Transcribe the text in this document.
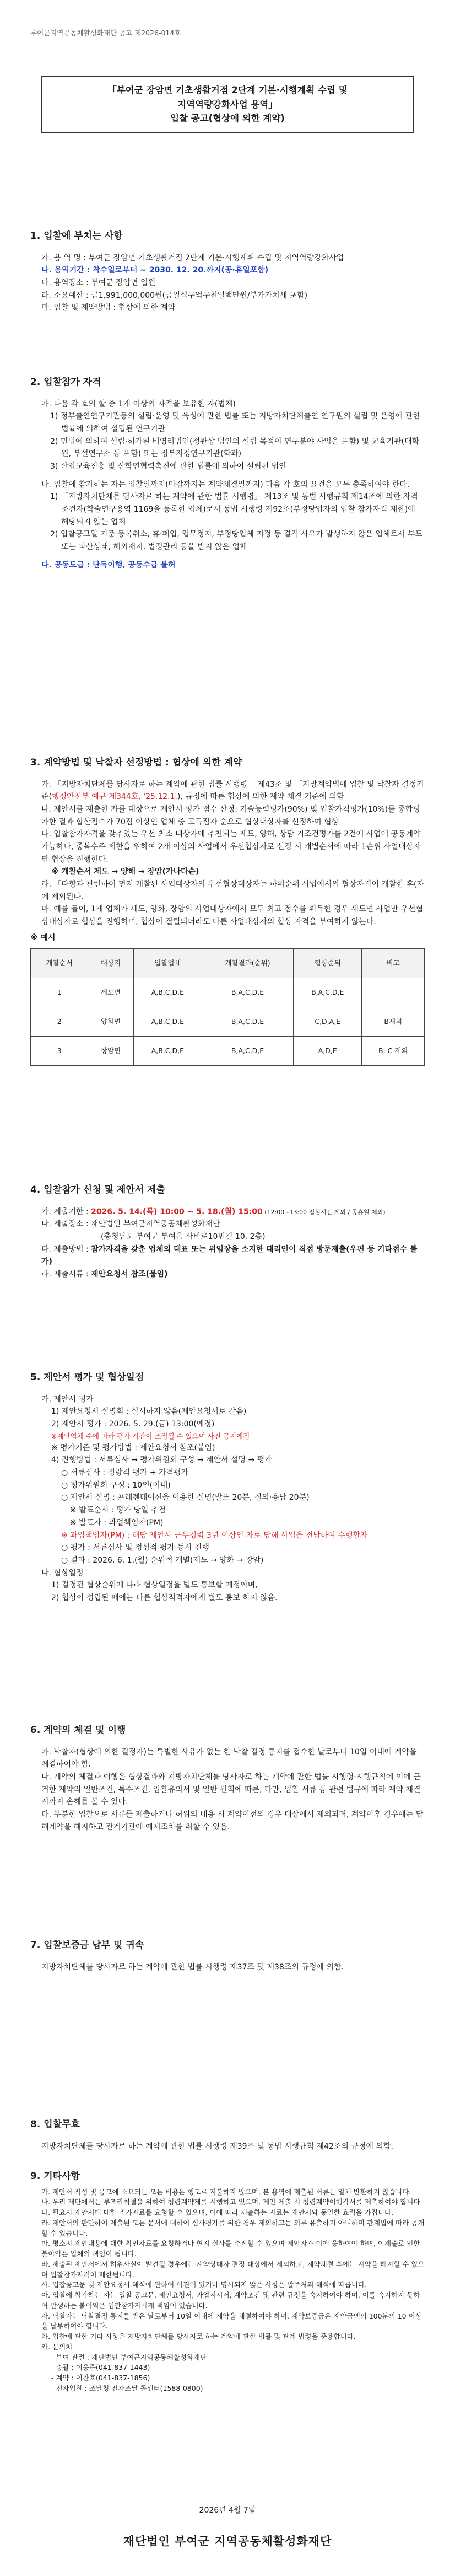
부여군지역공동체활성화재단 공고 제2026-014호
「부여군 장암면 기초생활거점 2단계 기본·시행계획 수립 및
지역역량강화사업 용역」
입찰 공고(협상에 의한 계약)
1. 입찰에 부치는 사항
가. 용 역 명 : 부여군 장암면 기초생활거점 2단계 기본·시행계획 수립 및 지역역량강화사업
나. 용역기간 : 착수일로부터 ~ 2030. 12. 20.까지(공·휴일포함)
다. 용역장소 : 부여군 장암면 일원
라. 소요예산 : 금1,991,000,000원(금일십구억구천일백만원/부가가치세 포함)
마. 입찰 및 계약방법 : 협상에 의한 계약
2. 입찰참가 자격
가. 다음 각 호의 할 중 1개 이상의 자격을 보유한 자(법체)
1) 정부출연연구기관등의 설립·운영 및 육성에 관한 법률 또는 지방자치단체출연 연구원의 설립 및 운영에 관한 법률에 의하여 설립된 연구기관
2) 민법에 의하여 설립·허가된 비영리법인(정관상 법인의 설립 목적이 연구분야 사업을 포함) 및 교육기관(대학원, 부설연구소 등 포함) 또는 정부지정연구기관(학과)
3) 산업교육진흥 및 산학연협력촉진에 관한 법률에 의하여 설립된 법인
나. 입찰에 참가하는 자는 입찰일까지(마감까지는 계약체결일까지) 다음 각 호의 요건을 모두 충족하여야 한다.
1) 「지방자치단체를 당사자로 하는 계약에 관한 법률 시행령」 제13조 및 동법 시행규칙 제14조에 의한 자격조건자(학술연구용역 1169을 등록한 업체)로서 동법 시행령 제92조(부정당업자의 입찰 참가자격 제한)에 해당되지 않는 업체
2) 입찰공고일 기준 등록취소, 휴·폐업, 업무정지, 부정당업체 지정 등 결격 사유가 발생하지 않은 업체로서 부도 또는 파산상태, 해외재지, 법정관리 등을 받지 않은 업체
다. 공동도급 : 단독이행, 공동수급 불허
3. 계약방법 및 낙찰자 선정방법 : 협상에 의한 계약
가. 「지방자치단체를 당사자로 하는 계약에 관한 법률 시행령」 제43조 및 「지방계약법에 입찰 및 낙찰자 결정기준(행정안전부 예규 제344호, '25.12.1.), 규정에 따른 협상에 의한 계약 체결 기준에 의함
나. 제안서를 제출한 자를 대상으로 제안서 평가 점수 산정: 기술능력평가(90%) 및 입찰가격평가(10%)를 종합평가한 결과 합산점수가 70점 이상인 업체 중 고득점자 순으로 협상대상자를 선정하여 협상
다. 입찰참가자격을 갖추었는 우선 최소 대상자에 추천되는 제도, 양해, 상담 기조건평가를 2건에 사업에 공동계약 가능하나, 중복수주 제한을 위하여 2개 이상의 사업에서 우선협상자로 선정 시 개별순서에 따라 1순위 사업대상자만 협상을 진행한다.
※ 개찰순서 제도 → 양해 → 장암(가나다순)
라. 「다항과 관련하여 먼저 개찰된 사업대상자의 우선협상대상자는 하위순위 사업에서의 협상자격이 개찰한 후(자에 제외된다.
마. 예를 들어, 1개 업체가 세도, 양화, 장암의 사업대상자에서 모두 최고 점수를 획득한 경우 세도면 사업만 우선협상대상자로 협상을 진행하며, 협상이 결렬되더라도 다른 사업대상자의 협상 자격을 부여하지 않는다.
※ 예시
개찰순서	대상지	입찰업체	개찰결과(순위)	협상순위	비고
1	세도면	A,B,C,D,E	B,A,C,D,E	B,A,C,D,E	
2	양화면	A,B,C,D,E	B,A,C,D,E	C,D,A,E	B제외
3	장암면	A,B,C,D,E	B,A,C,D,E	A,D,E	B, C 제외
4. 입찰참가 신청 및 제안서 제출
가. 제출기한 : 2026. 5. 14.(목) 10:00 ~ 5. 18.(월) 15:00 (12:00~13:00 점심시간 제외 / 공휴일 제외)
나. 제출장소 : 재단법인 부여군지역공동체활성화재단
(충청남도 부여군 부여읍 사비로10번길 10, 2층)
다. 제출방법 : 참가자격을 갖춘 업체의 대표 또는 위임장을 소지한 대리인이 직접 방문제출(우편 등 기타접수 불가)
라. 제출서류 : 제안요청서 참조(붙임)
5. 제안서 평가 및 협상일정
가. 제안서 평가
1) 제안요청서 설명회 : 실시하지 않음(제안요청서로 갈음)
2) 제안서 평가 : 2026. 5. 29.(금) 13:00(예정)
※제안업체 수에 따라 평가 시간이 조정될 수 있으며 사전 공지예정
※ 평가기준 및 평가방법 : 제안요청서 참조(붙임)
4) 진행방법 : 서류심사 → 평가위원회 구성 → 제안서 설명 → 평가
○ 서류심사 : 정량적 평가 + 가격평가
○ 평가위원회 구성 : 10인(이내)
○ 제안서 설명 : 프레젠테이션을 이용한 설명(발표 20분, 질의·응답 20분)
※ 발표순서 : 평가 당일 추첨
※ 발표자 : 과업책임자(PM)
※ 과업책임자(PM) : 해당 제안사 근무경력 3년 이상인 자로 당해 사업을 전담하여 수행할자
○ 평가 : 서류심사 및 정성적 평가 등시 진행
○ 결과 : 2026. 6. 1.(월) 순위적 개별(제도 → 양화 → 장암)
나. 협상일정
1) 결정된 협상순위에 따라 협상일정을 별도 통보할 예정이며,
2) 협상이 성립된 때에는 다른 협상적격자에게 별도 통보 하지 않음.
6. 계약의 체결 및 이행
가. 낙찰자(협상에 의한 결정자)는 특별한 사유가 없는 한 낙찰 결정 통지를 접수한 날로부터 10일 이내에 계약을 체결하여야 함.
나. 계약의 체결과 이행은 협상결과와 지방자치단체를 당사자로 하는 계약에 관한 법률 시행령·시행규칙에 이에 근거한 계약의 일반조건, 특수조건, 입찰유의서 및 일반 원칙에 따른, 다만, 입찰 서류 등 관련 법규에 따라 계약 체결 시까지 손해를 볼 수 있다.
다. 무분한 입찰으로 서류를 제출하거나 허위의 내용 시 계약이전의 경우 대상에서 제외되며, 계약이후 경우에는 당해계약을 해지하고 관계기관에 예제조치를 취할 수 있음.
7. 입찰보증금 납부 및 귀속
지방자치단체를 당사자로 하는 계약에 관한 법률 시행령 제37조 및 제38조의 규정에 의함.
8. 입찰무효
지방자치단체를 당사자로 하는 계약에 관한 법률 시행령 제39조 및 동법 시행규칙 제42조의 규정에 의함.
9. 기타사항
가. 제안서 작성 및 응모에 소요되는 모든 비용은 행도로 지불하지 않으며, 본 용역에 제출된 서류는 일체 반환하지 않습니다.
나. 우리 재단에서는 부조리척결을 위하여 청렴계약제를 시행하고 있으며, 제안 제출 시 청렴계약이행각서를 제출하여야 합니다.
다. 필요시 제안서에 대한 추가자료를 요청할 수 있으며, 이에 따라 제출하는 자료는 제안서와 동일한 효력을 가집니다.
라. 제안서의 판단하여 제출된 모든 문서에 대하여 심사평가를 위한 경우 제외하고는 외부 유출하지 아니하며 관계법에 따라 공개할 수 있습니다.
마. 평소지 제안내용에 대한 확인자료를 요청하거나 현지 실사를 추진할 수 있으며 제안자가 이에 응하여야 하며, 이제출로 인한 불이익은 업체의 책임이 됩니다.
바. 제출된 제안서에서 허위사실이 발견될 경우에는 계약상대자 결정 대상에서 제외하고, 계약체결 후에는 계약을 해지할 수 있으며 입찰참가자격이 제한됩니다.
사. 입찰공고문 및 제안요청서 해석에 관하여 이견이 있거나 명시되지 않은 사항은 발주처의 해석에 따릅니다.
아. 입찰에 참가하는 자는 입찰 공고문, 제안요청서, 과업지시서, 계약조건 및 관련 규정을 숙지하여야 하며, 이를 숙지하지 못하여 발생하는 불이익은 입찰참가자에게 책임이 있습니다.
자. 낙찰자는 낙찰결정 통지를 받은 날로부터 10일 이내에 계약을 체결하여야 하며, 계약보증금은 계약금액의 100분의 10 이상을 납부하여야 합니다.
차. 입찰에 관한 기타 사항은 지방자치단체를 당사자로 하는 계약에 관한 법률 및 관계 법령을 준용합니다.
카. 문의처
- 부여 관련 : 재단법인 부여군지역공동체활성화재단
- 총괄 : 이응준(041-837-1443)
- 계약 : 이찬호(041-837-1856)
- 전자입찰 : 조달청 전자조달 콜센터(1588-0800)
2026년 4월 7일
재단법인 부여군 지역공동체활성화재단
